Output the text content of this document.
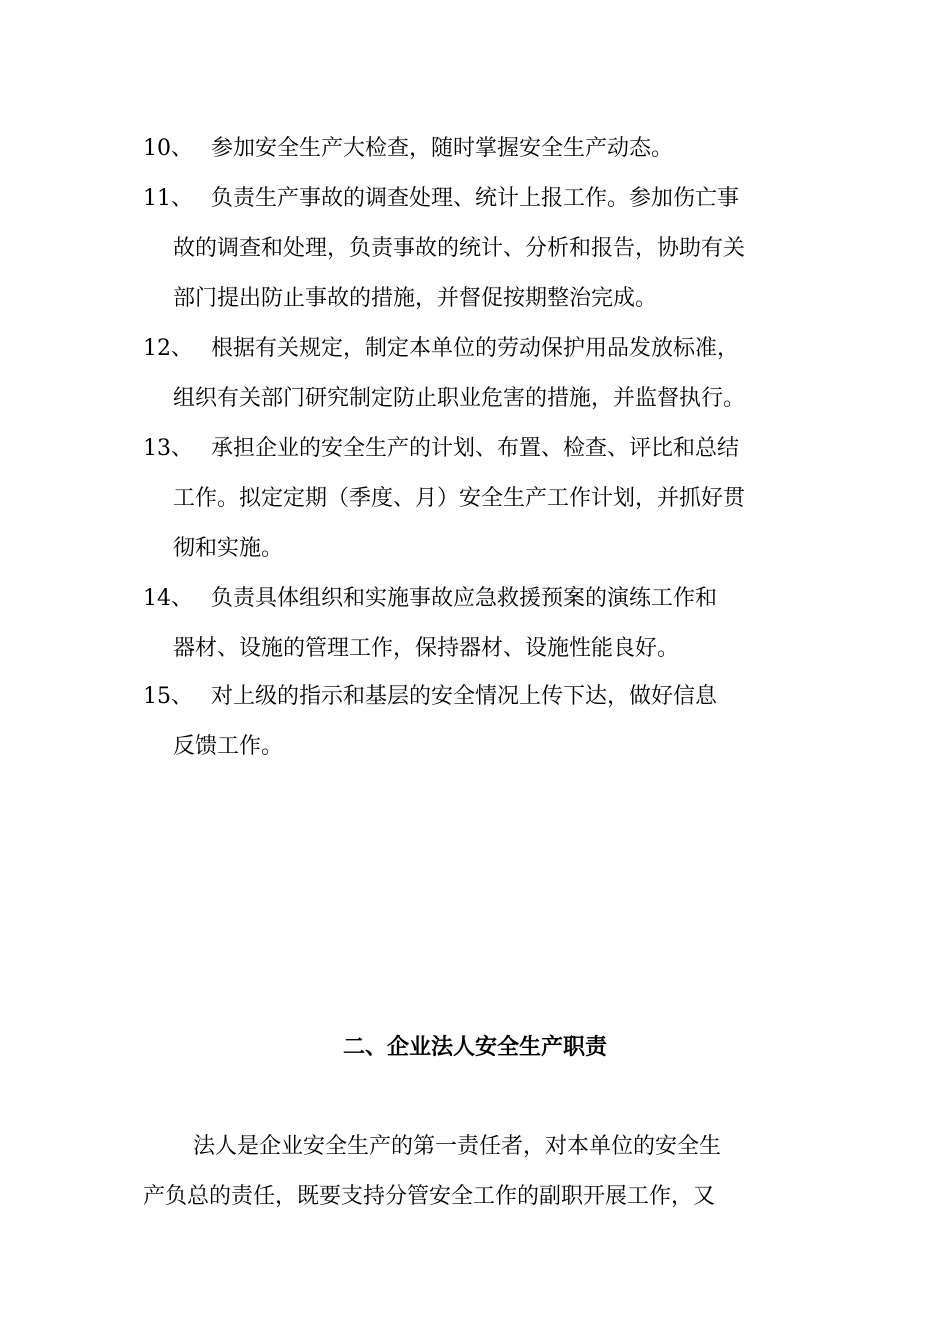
10、 参加安全生产大检查，随时掌握安全生产动态。
11、 负责生产事故的调查处理、统计上报工作。参加伤亡事
故的调查和处理，负责事故的统计、分析和报告，协助有关
部门提出防止事故的措施，并督促按期整治完成。
12、 根据有关规定，制定本单位的劳动保护用品发放标准，
组织有关部门研究制定防止职业危害的措施，并监督执行。
13、 承担企业的安全生产的计划、布置、检查、评比和总结
工作。拟定定期（季度、月）安全生产工作计划，并抓好贯
彻和实施。
14、 负责具体组织和实施事故应急救援预案的演练工作和
器材、设施的管理工作，保持器材、设施性能良好。
15、 对上级的指示和基层的安全情况上传下达，做好信息
反馈工作。
二、企业法人安全生产职责
法人是企业安全生产的第一责任者，对本单位的安全生
产负总的责任，既要支持分管安全工作的副职开展工作，又
